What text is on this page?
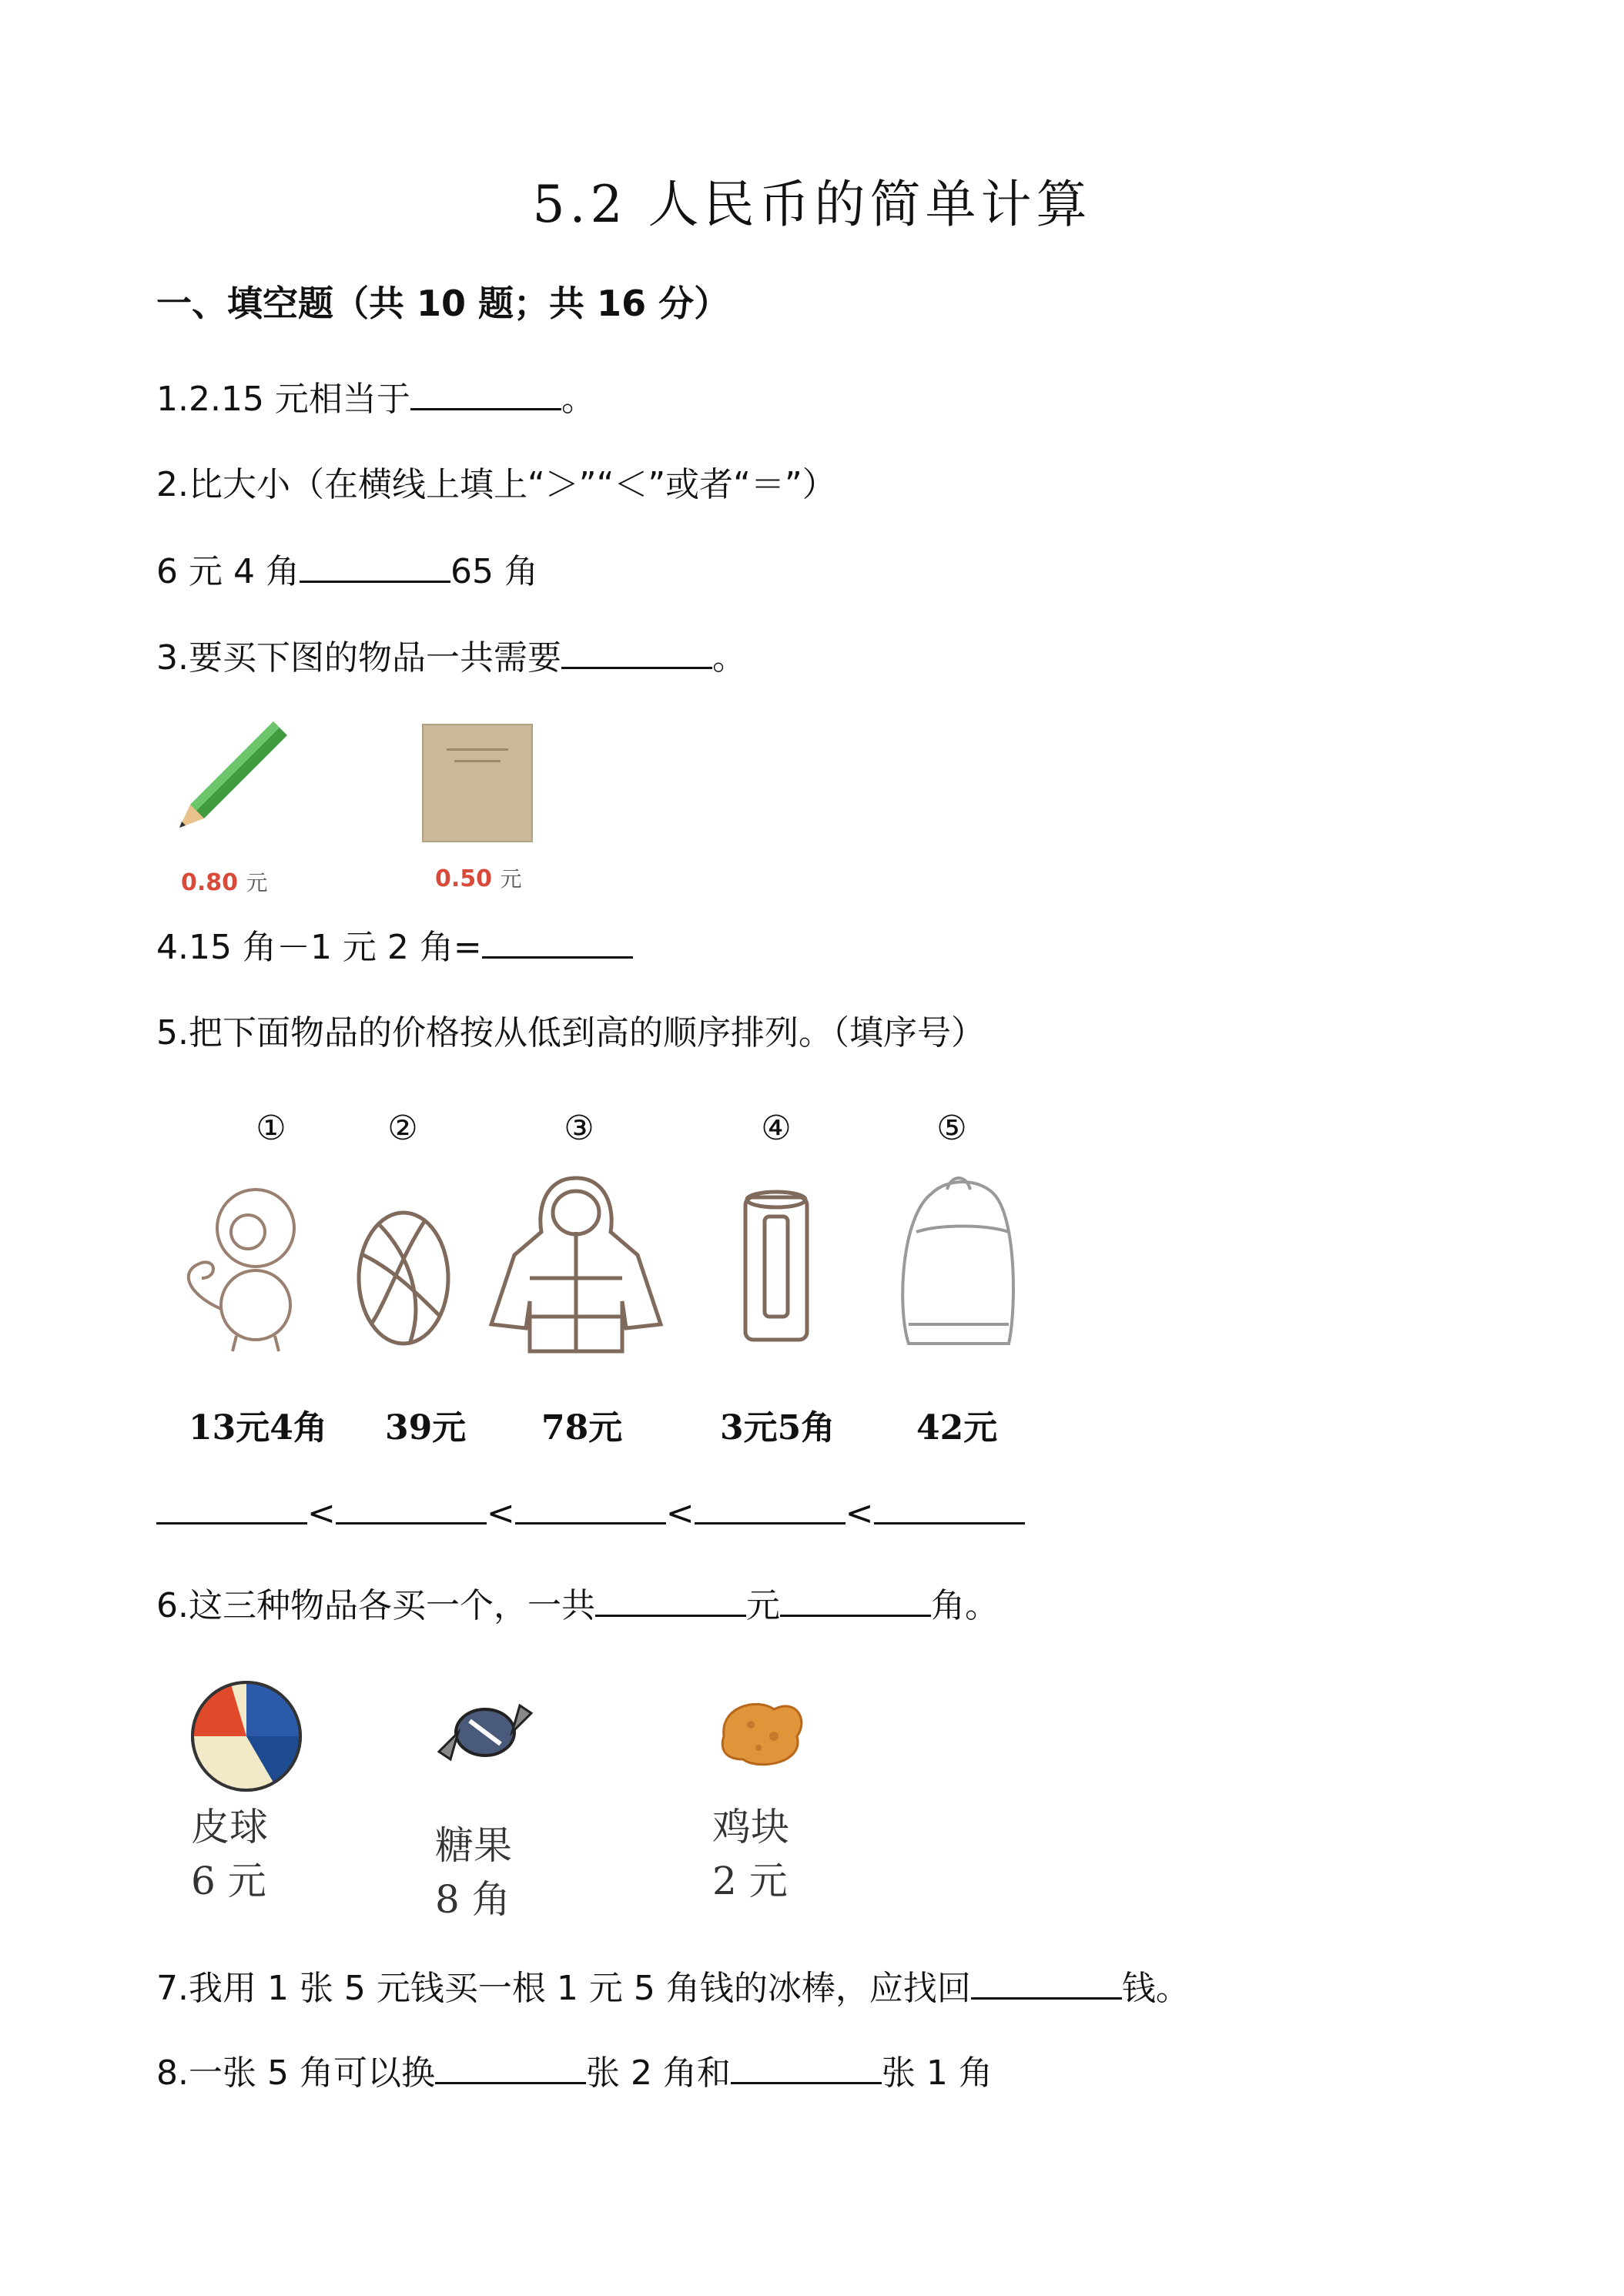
5.2 人民币的简单计算
一、填空题（共 10 题；共 16 分）
1.2.15 元相当于	。
2.比大小（在横线上填上“＞”“＜”或者“＝”）
6 元 4 角	65 角
3.要买下图的物品一共需要	。
0.80 元	0.50 元
4.15 角－1 元 2 角=
5.把下面物品的价格按从低到高的顺序排列。（填序号）
①	②	③	④	⑤
13元4角 39元 78元	3元5角 42元
<	<	<	<
6.这三种物品各买一个，一共	元	角。
皮球
6 元
糖果
8 角
鸡块
2 元
7.我用 1 张 5 元钱买一根 1 元 5 角钱的冰棒，应找回	钱。
8.一张 5 角可以换	张 2 角和	张 1 角
